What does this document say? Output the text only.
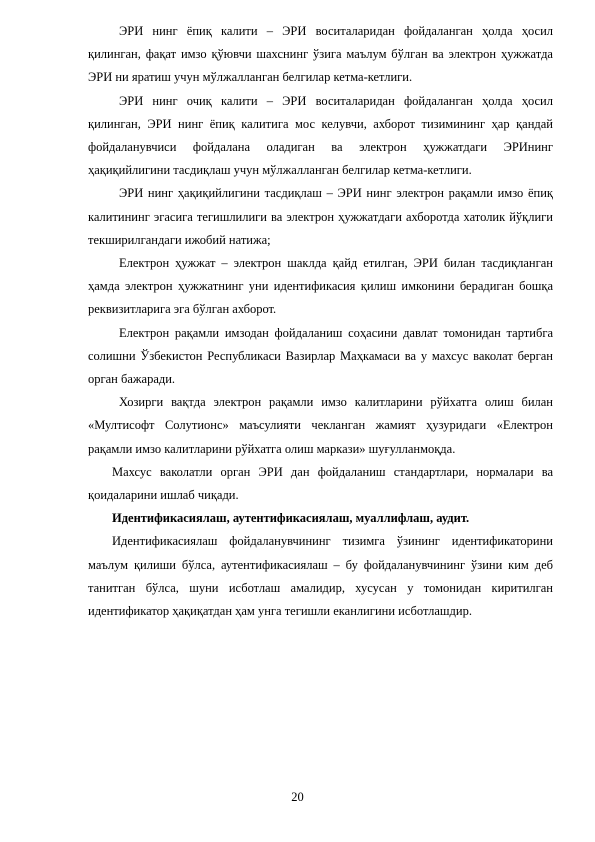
ЭРИ нинг ёпиқ калити – ЭРИ воситаларидан фойдаланган ҳолда ҳосил қилинган, фақат имзо қўювчи шахснинг ўзига маълум бўлган ва электрон ҳужжатда ЭРИ ни яратиш учун мўлжалланган белгилар кетма-кетлиги.

ЭРИ нинг очиқ калити – ЭРИ воситаларидан фойдаланган ҳолда ҳосил қилинган, ЭРИ нинг ёпиқ калитига мос келувчи, ахборот тизимининг ҳар қандай фойдаланувчиси фойдалана оладиган ва электрон ҳужжатдаги ЭРИнинг ҳақиқийлигини тасдиқлаш учун мўлжалланган белгилар кетма-кетлиги.

ЭРИ нинг ҳақиқийлигини тасдиқлаш – ЭРИ нинг электрон рақамли имзо ёпиқ калитининг эгасига тегишлилиги ва электрон ҳужжатдаги ахборотда хатолик йўқлиги текширилгандаги ижобий натижа;

Електрон ҳужжат – электрон шаклда қайд етилган, ЭРИ билан тасдиқланган ҳамда электрон ҳужжатнинг уни идентификасия қилиш имконини берадиган бошқа реквизитларига эга бўлган ахборот.

Електрон рақамли имзодан фойдаланиш соҳасини давлат томонидан тартибга солишни Ўзбекистон Республикаси Вазирлар Маҳкамаси ва у махсус ваколат берган орган бажаради.

Хозирги вақтда электрон рақамли имзо калитларини рўйхатга олиш билан «Мултисофт Солутионс» маъсулияти чекланган жамият ҳузуридаги «Електрон рақамли имзо калитларини рўйхатга олиш маркази» шуғулланмоқда.

Махсус ваколатли орган ЭРИ дан фойдаланиш стандартлари, нормалари ва қоидаларини ишлаб чиқади.

Идентификасиялаш, аутентификасиялаш, муаллифлаш, аудит.

Идентификасиялаш фойдаланувчининг тизимга ўзининг идентификаторини маълум қилиши бўлса, аутентификасиялаш – бу фойдаланувчининг ўзини ким деб танитган бўлса, шуни исботлаш амалидир, хусусан у томонидан киритилган идентификатор ҳақиқатдан ҳам унга тегишли еканлигини исботлашдир.

20
